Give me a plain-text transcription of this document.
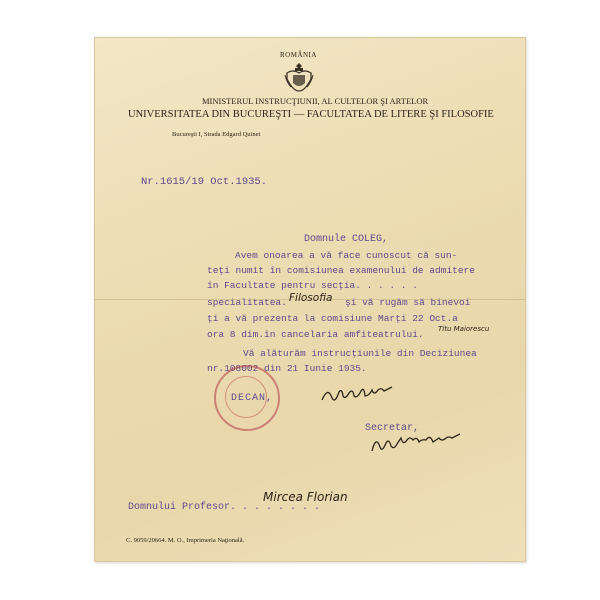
ROMÂNIA
MINISTERUL INSTRUCŢIUNII, AL CULTELOR ŞI ARTELOR
UNIVERSITATEA DIN BUCUREŞTI — FACULTATEA DE LITERE ŞI FILOSOFIE
Bucureşti I, Strada Edgard Quinet
Nr.1615/19 Oct.1935.
Domnule COLEG,
Avem onoarea a vă face cunoscut că sun-
teţi numit în comisiunea examenului de admitere
în Facultate pentru secţia. . . . . .
specialitatea. Filosofia şi vă rugăm să binevoi
ţi a vă prezenta la comisiune Marţi 22 Oct.a
ora 8 dim.în cancelaria amfiteatrului. Titu Maiorescu
Vă alăturăm instrucţiunile din Deciziunea
nr.108002 din 21 Iunie 1935.
DECAN,
Secretar,
Domnului Profesor. . . . . . . .
Mircea Florian
C. 9059/20664. M. O., Imprimeria Naţională.
